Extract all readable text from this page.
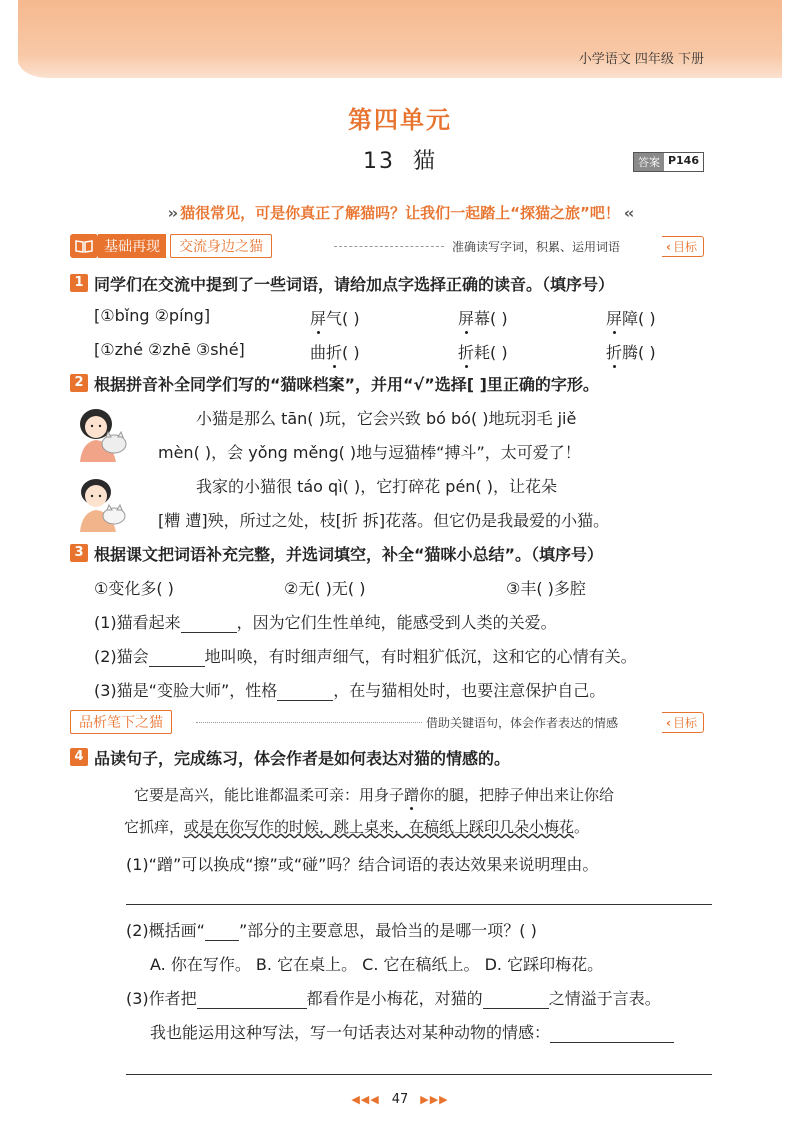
小学语文 四年级 下册
第四单元
13 猫	答案 P146
›› 猫很常见，可是你真正了解猫吗？让我们一起踏上“探猫之旅”吧！ ‹‹
基础再现	交流身边之猫	准确读写字词，积累、运用词语	‹ 目标
1 同学们在交流中提到了一些词语，请给加点字选择正确的读音。（填序号）
[①bǐng ②píng]	屏气( )	屏幕( )	屏障( )
[①zhé ②zhē ③shé]	曲折( )	折耗( )	折腾( )
2 根据拼音补全同学们写的“猫咪档案”，并用“√”选择[ ]里正确的字形。
小猫是那么 tān( )玩，它会兴致 bó bó( )地玩羽毛 jiě
mèn( )，会 yǒng měng( )地与逗猫棒“搏斗”，太可爱了！
我家的小猫很 táo qì( )，它打碎花 pén( )，让花朵
[糟 遭]殃，所过之处，枝[折 拆]花落。但它仍是我最爱的小猫。
3 根据课文把词语补充完整，并选词填空，补全“猫咪小总结”。（填序号）
①变化多( )	②无( )无( )	③丰( )多腔
(1)猫看起来	，因为它们生性单纯，能感受到人类的关爱。
(2)猫会	地叫唤，有时细声细气，有时粗犷低沉，这和它的心情有关。
(3)猫是“变脸大师”，性格	，在与猫相处时，也要注意保护自己。
品析笔下之猫	借助关键语句，体会作者表达的情感	‹ 目标
4 品读句子，完成练习，体会作者是如何表达对猫的情感的。
它要是高兴，能比谁都温柔可亲：用身子蹭你的腿，把脖子伸出来让你给
它抓痒，或是在你写作的时候，跳上桌来，在稿纸上踩印几朵小梅花。
(1)“蹭”可以换成“擦”或“碰”吗？结合词语的表达效果来说明理由。
(2)概括画“ ”部分的主要意思，最恰当的是哪一项？( )
A. 你在写作。 B. 它在桌上。 C. 它在稿纸上。 D. 它踩印梅花。
(3)作者把	都看作是小梅花，对猫的	之情溢于言表。
我也能运用这种写法，写一句话表达对某种动物的情感：
◀◀◀ 47 ▶▶▶
